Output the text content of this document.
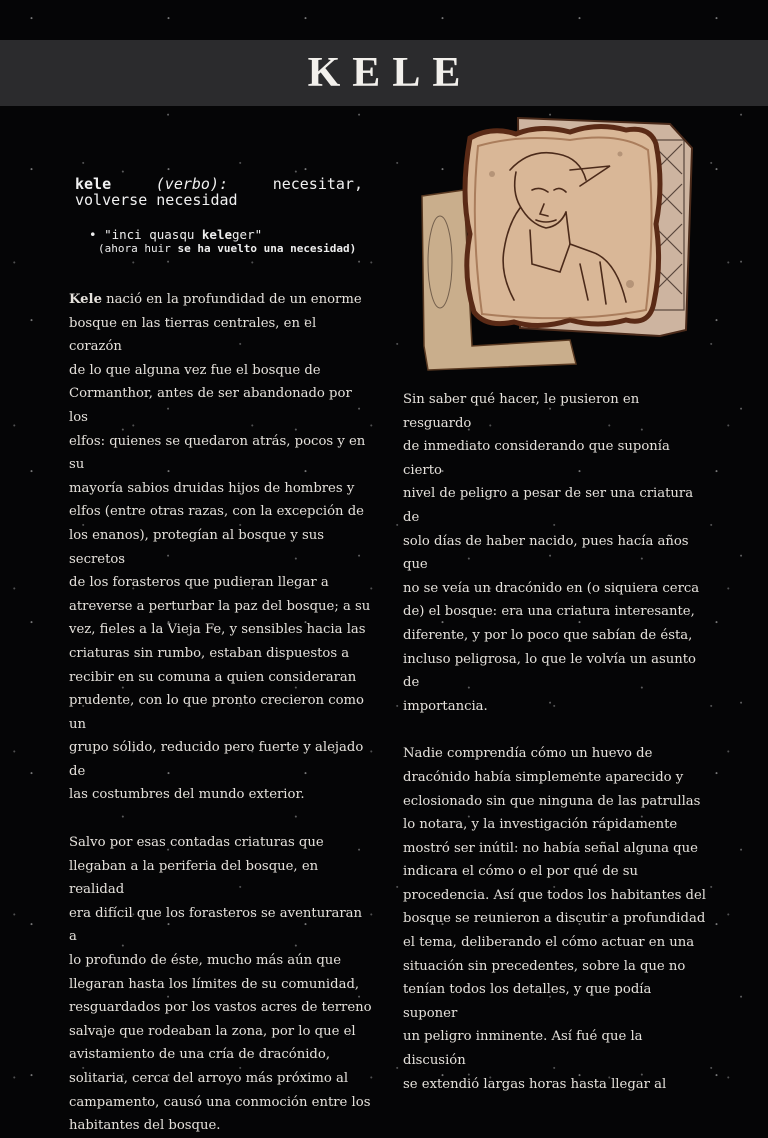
KELE
kele	(verbo):	necesitar,
volverse necesidad
• "inci quasqu keleger"
(ahora huir se ha vuelto una necesidad)

Kele nació en la profundidad de un enorme
bosque en las tierras centrales, en el corazón
de lo que alguna vez fue el bosque de
Cormanthor, antes de ser abandonado por los
elfos: quienes se quedaron atrás, pocos y en su
mayoría sabios druidas hijos de hombres y
elfos (entre otras razas, con la excepción de
los enanos), protegían al bosque y sus secretos
de los forasteros que pudieran llegar a
atreverse a perturbar la paz del bosque; a su
vez, fieles a la Vieja Fe, y sensibles hacia las
criaturas sin rumbo, estaban dispuestos a
recibir en su comuna a quien consideraran
prudente, con lo que pronto crecieron como un
grupo sólido, reducido pero fuerte y alejado de
las costumbres del mundo exterior.

Salvo por esas contadas criaturas que
llegaban a la periferia del bosque, en realidad
era difícil que los forasteros se aventuraran a
lo profundo de éste, mucho más aún que
llegaran hasta los límites de su comunidad,
resguardados por los vastos acres de terreno
salvaje que rodeaban la zona, por lo que el
avistamiento de una cría de dracónido,
solitaria, cerca del arroyo más próximo al
campamento, causó una conmoción entre los
habitantes del bosque.

Sin saber qué hacer, le pusieron en resguardo
de inmediato considerando que suponía cierto
nivel de peligro a pesar de ser una criatura de
solo días de haber nacido, pues hacía años que
no se veía un dracónido en (o siquiera cerca
de) el bosque: era una criatura interesante,
diferente, y por lo poco que sabían de ésta,
incluso peligrosa, lo que le volvía un asunto de
importancia.

Nadie comprendía cómo un huevo de
dracónido había simplemente aparecido y
eclosionado sin que ninguna de las patrullas
lo notara, y la investigación rápidamente
mostró ser inútil: no había señal alguna que
indicara el cómo o el por qué de su
procedencia. Así que todos los habitantes del
bosque se reunieron a discutir a profundidad
el tema, deliberando el cómo actuar en una
situación sin precedentes, sobre la que no
tenían todos los detalles, y que podía suponer
un peligro inminente. Así fué que la discusión
se extendió largas horas hasta llegar al
